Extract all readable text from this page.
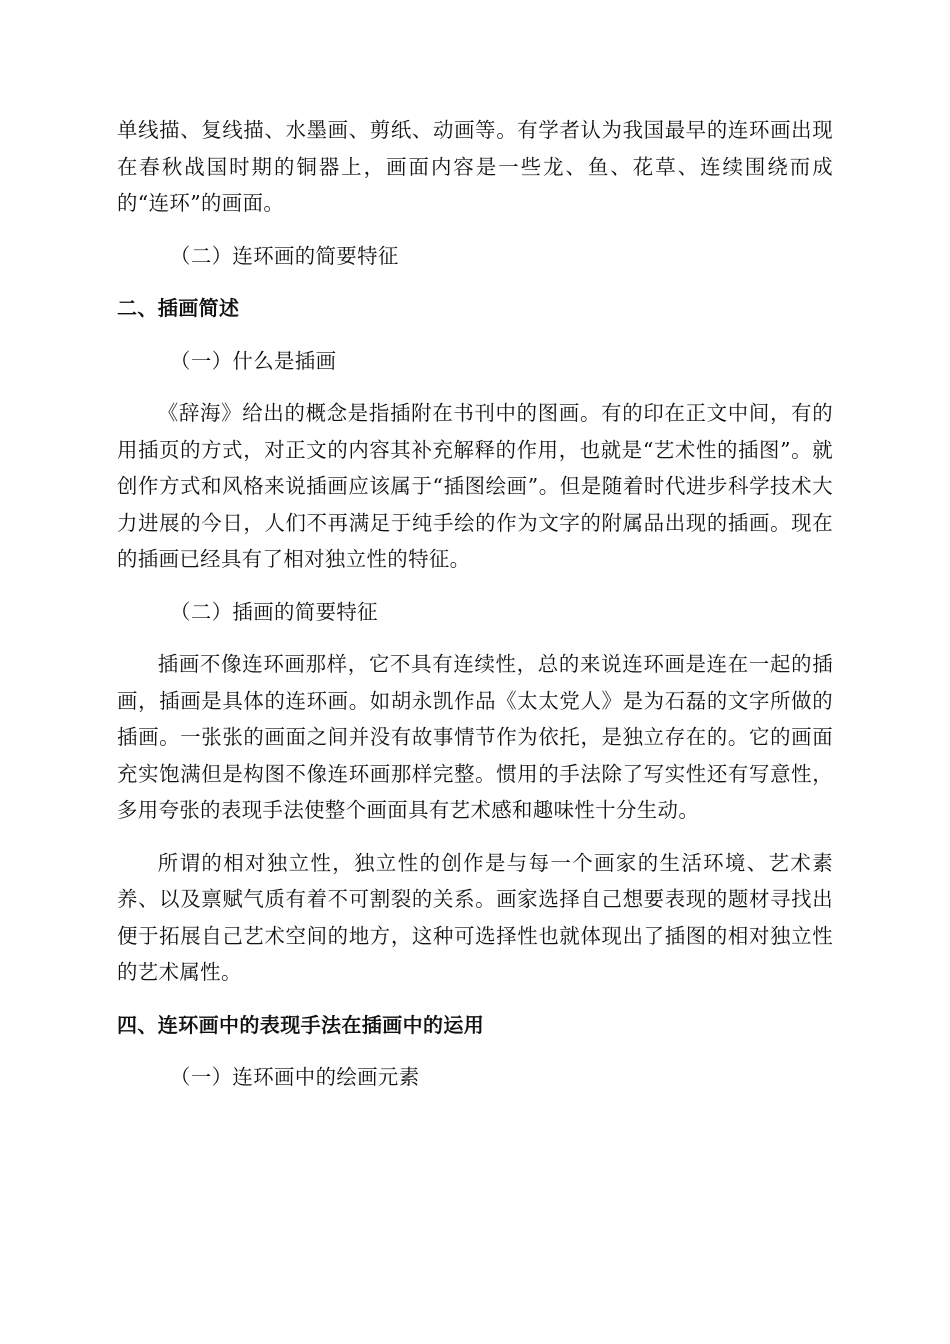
单线描、复线描、水墨画、剪纸、动画等。有学者认为我国最早的连环画出现在春秋战国时期的铜器上，画面内容是一些龙、鱼、花草、连续围绕而成的“连环”的画面。

（二）连环画的简要特征

二、插画简述

（一）什么是插画

《辞海》给出的概念是指插附在书刊中的图画。有的印在正文中间，有的用插页的方式，对正文的内容其补充解释的作用，也就是“艺术性的插图”。就创作方式和风格来说插画应该属于“插图绘画”。但是随着时代进步科学技术大力进展的今日，人们不再满足于纯手绘的作为文字的附属品出现的插画。现在的插画已经具有了相对独立性的特征。

（二）插画的简要特征

插画不像连环画那样，它不具有连续性，总的来说连环画是连在一起的插画，插画是具体的连环画。如胡永凯作品《太太党人》是为石磊的文字所做的插画。一张张的画面之间并没有故事情节作为依托，是独立存在的。它的画面充实饱满但是构图不像连环画那样完整。惯用的手法除了写实性还有写意性，多用夸张的表现手法使整个画面具有艺术感和趣味性十分生动。

所谓的相对独立性，独立性的创作是与每一个画家的生活环境、艺术素养、以及禀赋气质有着不可割裂的关系。画家选择自己想要表现的题材寻找出便于拓展自己艺术空间的地方，这种可选择性也就体现出了插图的相对独立性的艺术属性。

四、连环画中的表现手法在插画中的运用

（一）连环画中的绘画元素
